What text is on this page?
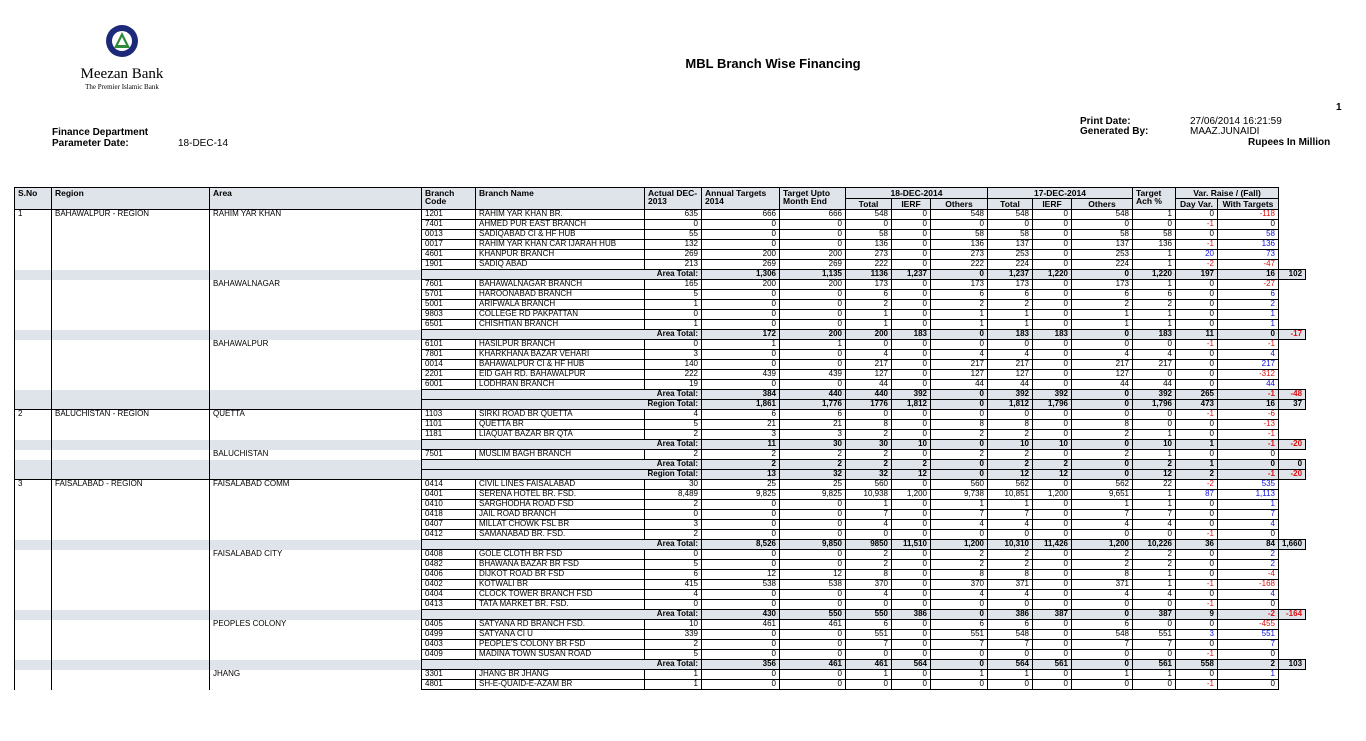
Meezan Bank
The Premier Islamic Bank
MBL Branch Wise Financing
Finance Department
Parameter Date:	18-DEC-14
1
Print Date:	27/06/2014 16:21:59
Generated By:	MAAZ.JUNAIDI
Rupees In Million
S.No	Region	Area	Branch Code	Branch Name	Actual DEC-2013	Annual Targets 2014	Target Upto Month End	18-DEC-2014			17-DEC-2014			Target Ach %	Var. Raise / (Fall)		
								Total	IERF	Others	Total	IERF	Others		Day Var.	With Targets	
1	BAHAWALPUR - REGION	RAHIM YAR KHAN	1201	RAHIM YAR KHAN BR.	635	666	666	548	0	548	548	0	548	1	0	-118	
			7401	AHMED PUR EAST BRANCH	0	0	0	0	0	0	0	0	0	0	-1	0	
			0013	SADIQABAD CI & HF HUB	55	0	0	58	0	58	58	0	58	58	0	58	
			0017	RAHIM YAR KHAN CAR IJARAH HUB	132	0	0	136	0	136	137	0	137	136	-1	136	
			4601	KHANPUR BRANCH	269	200	200	273	0	273	253	0	253	1	20	73	
			1901	SADIQ ABAD	213	269	269	222	0	222	224	0	224	1	-2	-47	
			Area Total:			1,306	1,135	1136	1,237	0	1,237	1,220	0	1,220	197	16	102
		BAHAWALNAGAR	7601	BAHAWALNAGAR BRANCH	165	200	200	173	0	173	173	0	173	1	0	-27	
			5701	HAROONABAD BRANCH	5	0	0	6	0	6	6	0	6	6	0	6	
			5001	ARIFWALA BRANCH	1	0	0	2	0	2	2	0	2	2	0	2	
			9803	COLLEGE RD PAKPATTAN	0	0	0	1	0	1	1	0	1	1	0	1	
			6501	CHISHTIAN BRANCH	1	0	0	1	0	1	1	0	1	1	0	1	
			Area Total:			172	200	200	183	0	183	183	0	183	11	0	-17
		BAHAWALPUR	6101	HASILPUR BRANCH	0	1	1	0	0	0	0	0	0	0	-1	-1	
			7801	KHARKHANA BAZAR VEHARI	3	0	0	4	0	4	4	0	4	4	0	4	
			0014	BAHAWALPUR CI & HF HUB	140	0	0	217	0	217	217	0	217	217	0	217	
			2201	EID GAH RD. BAHAWALPUR	222	439	439	127	0	127	127	0	127	0	0	-312	
			6001	LODHRAN BRANCH	19	0	0	44	0	44	44	0	44	44	0	44	
			Area Total:			384	440	440	392	0	392	392	0	392	265	-1	-48
			Region Total:			1,861	1,776	1776	1,812	0	1,812	1,796	0	1,796	473	16	37
2	BALUCHISTAN - REGION	QUETTA	1103	SIRKI ROAD BR QUETTA	4	6	6	0	0	0	0	0	0	0	-1	-6	
			1101	QUETTA BR	5	21	21	8	0	8	8	0	8	0	0	-13	
			1181	LIAQUAT BAZAR BR QTA	2	3	3	2	0	2	2	0	2	1	0	-1	
			Area Total:			11	30	30	10	0	10	10	0	10	1	-1	-20
		BALUCHISTAN	7501	MUSLIM BAGH BRANCH	2	2	2	2	0	2	2	0	2	1	0	0	
			Area Total:			2	2	2	2	0	2	2	0	2	1	0	0
			Region Total:			13	32	32	12	0	12	12	0	12	2	-1	-20
3	FAISALABAD - REGION	FAISALABAD COMM	0414	CIVIL LINES FAISALABAD	30	25	25	560	0	560	562	0	562	22	-2	535	
			0401	SERENA HOTEL BR. FSD.	8,489	9,825	9,825	10,938	1,200	9,738	10,851	1,200	9,651	1	87	1,113	
			0410	SARGHODHA ROAD FSD	2	0	0	1	0	1	1	0	1	1	0	1	
			0418	JAIL ROAD BRANCH	0	0	0	7	0	7	7	0	7	7	0	7	
			0407	MILLAT CHOWK FSL BR	3	0	0	4	0	4	4	0	4	4	0	4	
			0412	SAMANABAD BR. FSD.	2	0	0	0	0	0	0	0	0	0	-1	0	
			Area Total:			8,526	9,850	9850	11,510	1,200	10,310	11,426	1,200	10,226	36	84	1,660
		FAISALABAD CITY	0408	GOLE CLOTH BR FSD	0	0	0	2	0	2	2	0	2	2	0	2	
			0482	BHAWANA BAZAR BR FSD	5	0	0	2	0	2	2	0	2	2	0	2	
			0406	DIJKOT ROAD BR FSD	6	12	12	8	0	8	8	0	8	1	0	-4	
			0402	KOTWALI BR	415	538	538	370	0	370	371	0	371	1	-1	-168	
			0404	CLOCK TOWER BRANCH FSD	4	0	0	4	0	4	4	0	4	4	0	4	
			0413	TATA MARKET BR. FSD.	0	0	0	0	0	0	0	0	0	0	-1	0	
			Area Total:			430	550	550	386	0	386	387	0	387	9	-2	-164
		PEOPLES COLONY	0405	SATYANA RD BRANCH FSD.	10	461	461	6	0	6	6	0	6	0	0	-455	
			0499	SATYANA CI U	339	0	0	551	0	551	548	0	548	551	3	551	
			0403	PEOPLE'S COLONY BR FSD	2	0	0	7	0	7	7	0	7	7	0	7	
			0409	MADINA TOWN SUSAN ROAD	5	0	0	0	0	0	0	0	0	0	-1	0	
			Area Total:			356	461	461	564	0	564	561	0	561	558	2	103
		JHANG	3301	JHANG BR JHANG	1	0	0	1	0	1	1	0	1	1	0	1	
			4801	SH-E-QUAID-E-AZAM BR	1	0	0	0	0	0	0	0	0	0	-1	0	
